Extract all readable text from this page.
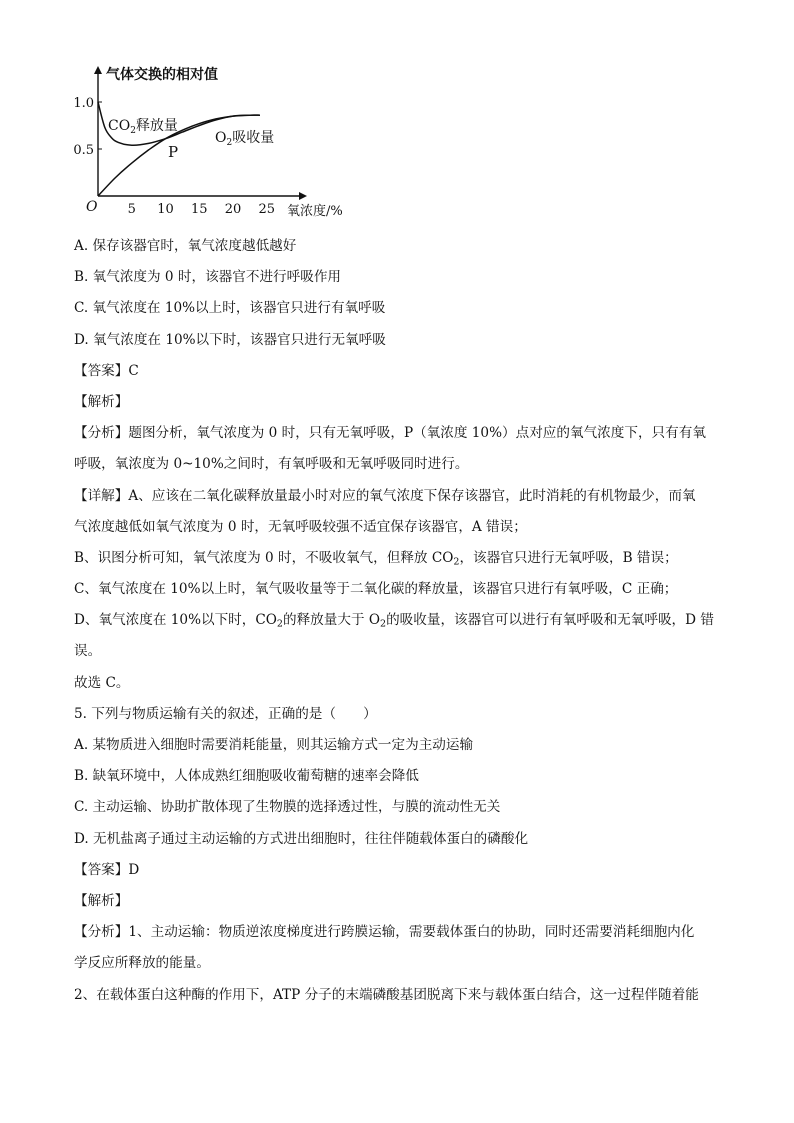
气体交换的相对值
氧浓度/%
O 5 10 15 20 25
0.5
1.0
$CO_2$释放量
$O_2$吸收量
P
A. 保存该器官时，氧气浓度越低越好
B. 氧气浓度为 0 时，该器官不进行呼吸作用
C. 氧气浓度在 10%以上时，该器官只进行有氧呼吸
D. 氧气浓度在 10%以下时，该器官只进行无氧呼吸
【答案】C
【解析】
【分析】题图分析，氧气浓度为 0 时，只有无氧呼吸，P（氧浓度 10%）点对应的氧气浓度下，只有有氧
呼吸，氧浓度为 0~10%之间时，有氧呼吸和无氧呼吸同时进行。
【详解】A、应该在二氧化碳释放量最小时对应的氧气浓度下保存该器官，此时消耗的有机物最少，而氧
气浓度越低如氧气浓度为 0 时，无氧呼吸较强不适宜保存该器官，A 错误；
B、识图分析可知，氧气浓度为 0 时，不吸收氧气，但释放 $CO_2$，该器官只进行无氧呼吸，B 错误；
C、氧气浓度在 10%以上时，氧气吸收量等于二氧化碳的释放量，该器官只进行有氧呼吸，C 正确；
D、氧气浓度在 10%以下时，$CO_2$的释放量大于 $O_2$的吸收量，该器官可以进行有氧呼吸和无氧呼吸，D 错
误。
故选 C。
5. 下列与物质运输有关的叙述，正确的是（　　）
A. 某物质进入细胞时需要消耗能量，则其运输方式一定为主动运输
B. 缺氧环境中，人体成熟红细胞吸收葡萄糖的速率会降低
C. 主动运输、协助扩散体现了生物膜的选择透过性，与膜的流动性无关
D. 无机盐离子通过主动运输的方式进出细胞时，往往伴随载体蛋白的磷酸化
【答案】D
【解析】
【分析】1、主动运输：物质逆浓度梯度进行跨膜运输，需要载体蛋白的协助，同时还需要消耗细胞内化
学反应所释放的能量。
2、在载体蛋白这种酶的作用下，ATP 分子的末端磷酸基团脱离下来与载体蛋白结合，这一过程伴随着能
